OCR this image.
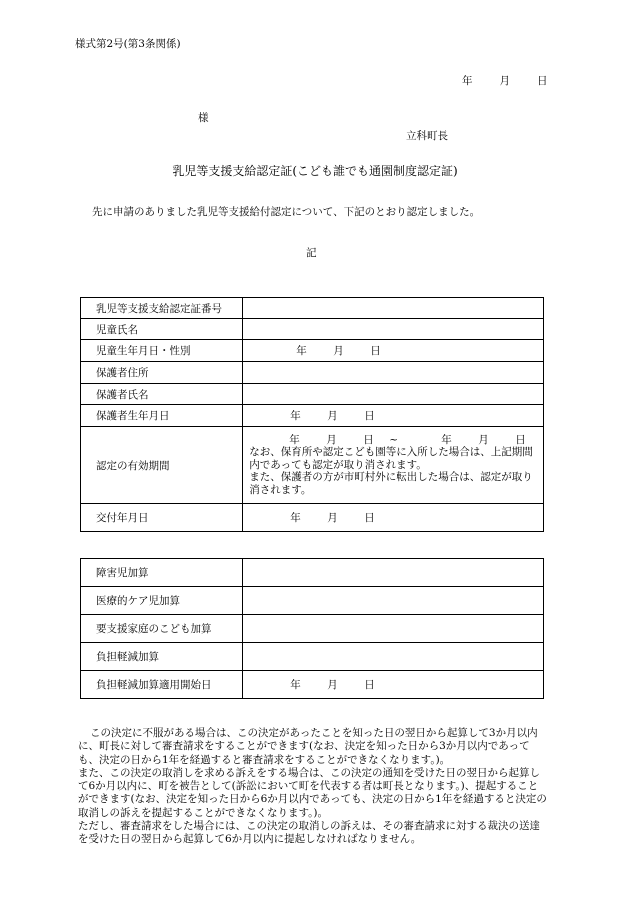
様式第2号(第3条関係)
年	月	日
様
立科町長
乳児等支援支給認定証(こども誰でも通園制度認定証)
先に申請のありました乳児等支援給付認定について、下記のとおり認定しました。
記
乳児等支援支給認定証番号	
児童氏名	
児童生年月日・性別	年 月 日
保護者住所	
保護者氏名	
保護者生年月日	年 月 日
認定の有効期間	年 月 日 ~ 年 月 日
なお、保育所や認定こども園等に入所した場合は、上記期間内であっても認定が取り消されます。
また、保護者の方が市町村外に転出した場合は、認定が取り消されます。

交付年月日	年 月 日
障害児加算	
医療的ケア児加算	
要支援家庭のこども加算	
負担軽減加算	
負担軽減加算適用開始日	年 月 日

この決定に不服がある場合は、この決定があったことを知った日の翌日から起算して3か月以内に、町長に対して審査請求をすることができます(なお、決定を知った日から3か月以内であっても、決定の日から1年を経過すると審査請求をすることができなくなります。)。

また、この決定の取消しを求める訴えをする場合は、この決定の通知を受けた日の翌日から起算して6か月以内に、町を被告として(訴訟において町を代表する者は町長となります。)、提起することができます(なお、決定を知った日から6か月以内であっても、決定の日から1年を経過すると決定の取消しの訴えを提起することができなくなります。)。

ただし、審査請求をした場合には、この決定の取消しの訴えは、その審査請求に対する裁決の送達を受けた日の翌日から起算して6か月以内に提起しなければなりません。
